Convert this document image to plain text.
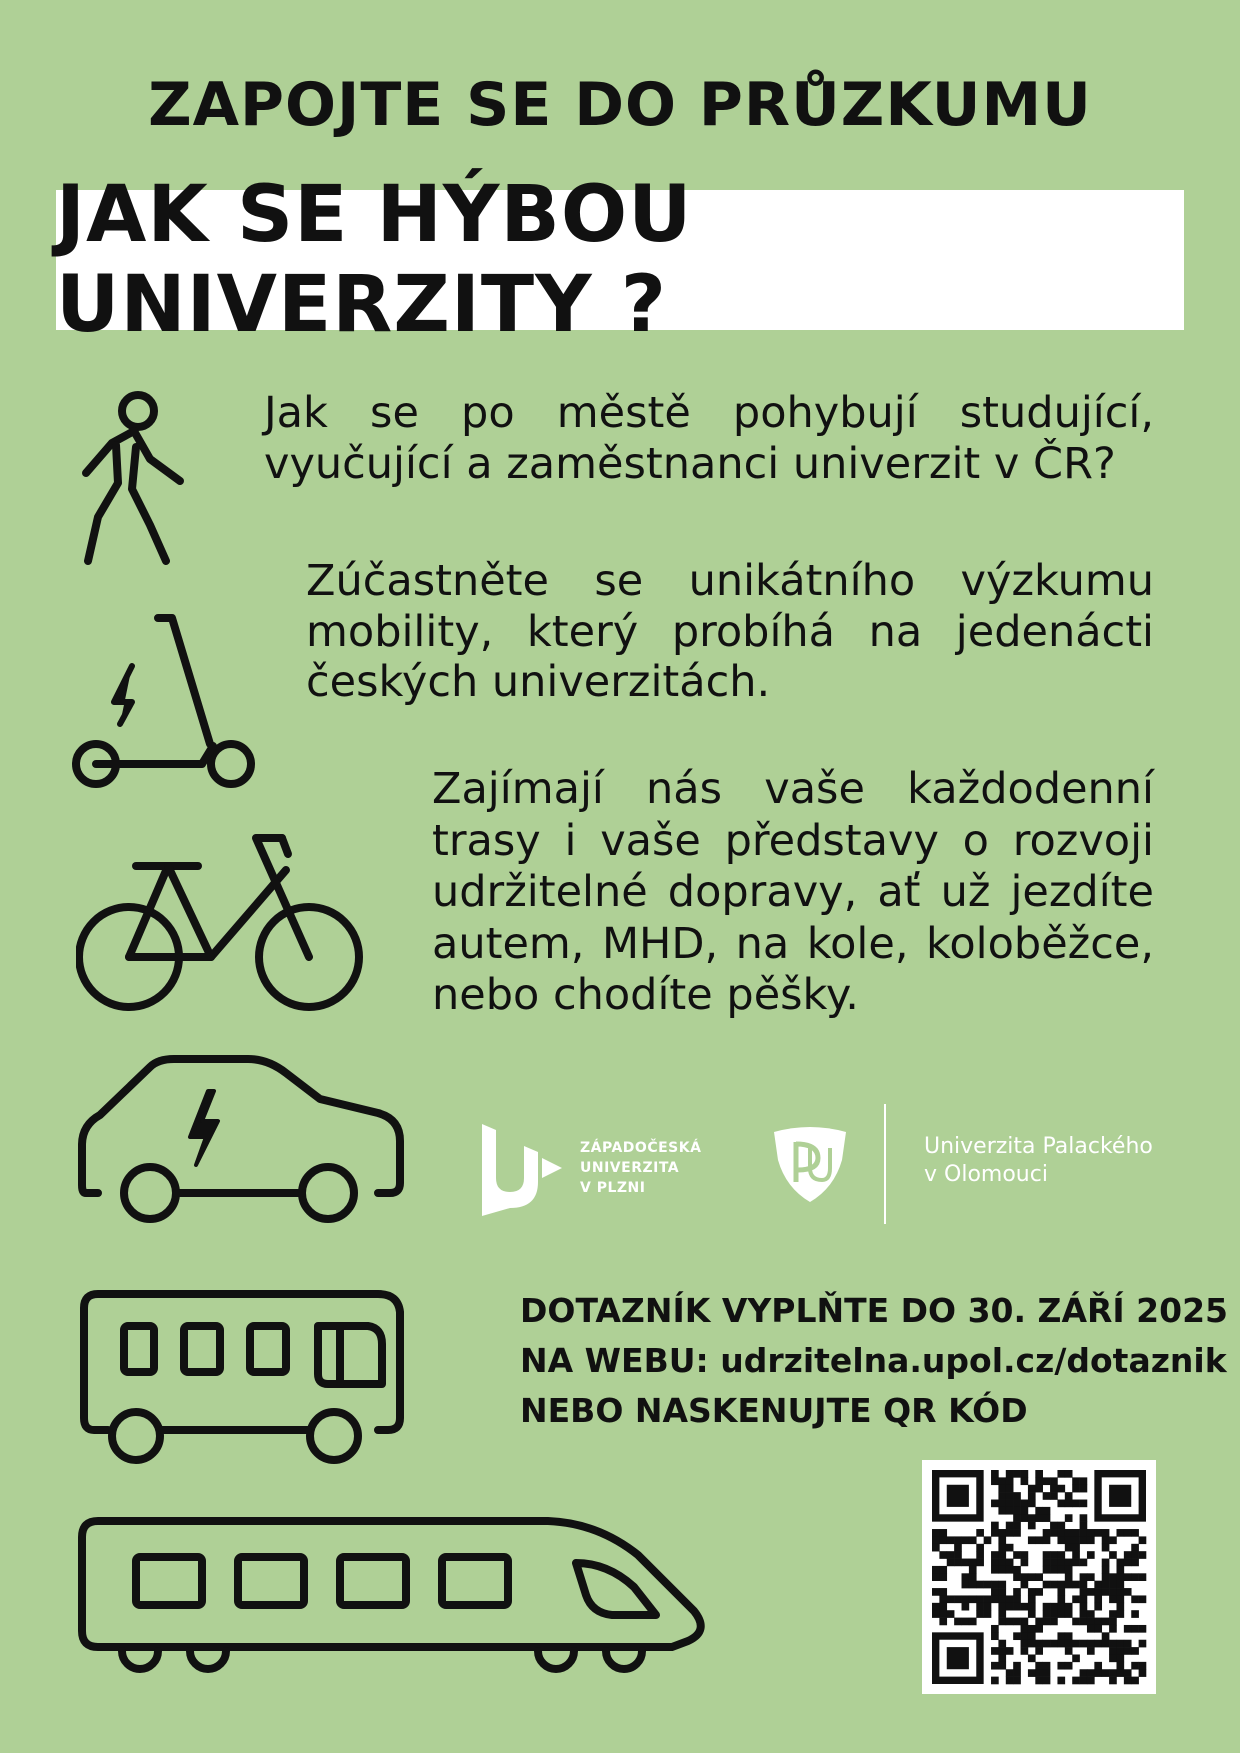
ZAPOJTE SE DO PRŮZKUMU
JAK SE HÝBOU UNIVERZITY ?
Jak se po městě pohybují studující, vyučující a zaměstnanci univerzit v ČR?
Zúčastněte se unikátního výzkumu mobility, který probíhá na jedenácti českých univerzitách.
Zajímají nás vaše každodenní trasy i vaše představy o rozvoji udržitelné dopravy, ať už jezdíte autem, MHD, na kole, koloběžce, nebo chodíte pěšky.
ZÁPADOČESKÁ
UNIVERZITA
V PLZNI
Univerzita Palackého
v Olomouci
DOTAZNÍK VYPLŇTE DO 30. ZÁŘÍ 2025
NA WEBU: udrzitelna.upol.cz/dotaznik
NEBO NASKENUJTE QR KÓD
